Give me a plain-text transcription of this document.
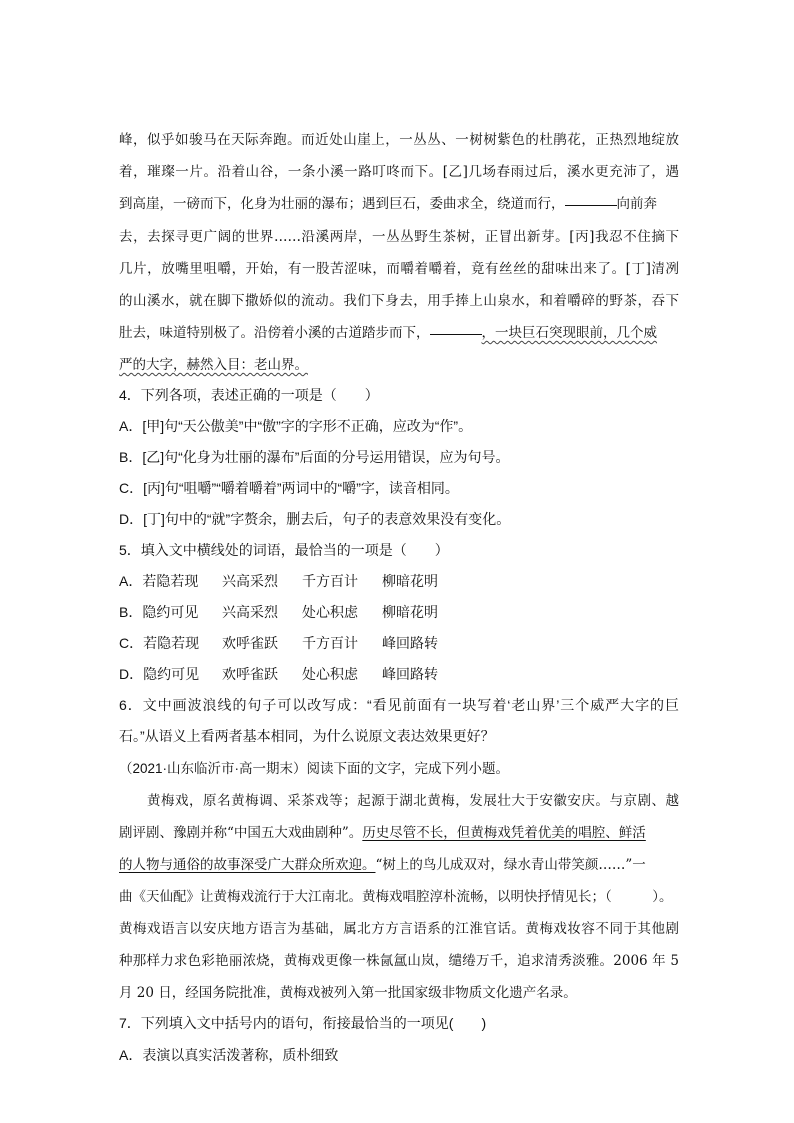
峰，似乎如骏马在天际奔跑。而近处山崖上，一丛丛、一树树紫色的杜鹃花，正热烈地绽放
着，璀璨一片。沿着山谷，一条小溪一路叮咚而下。[乙]几场春雨过后，溪水更充沛了，遇
到高崖，一磅而下，化身为壮丽的瀑布；遇到巨石，委曲求全，绕道而行，	向前奔
去，去探寻更广阔的世界……沿溪两岸，一丛丛野生茶树，正冒出新芽。[丙]我忍不住摘下
几片，放嘴里咀嚼，开始，有一股苦涩味，而嚼着嚼着，竟有丝丝的甜味出来了。[丁]清冽
的山溪水，就在脚下撒娇似的流动。我们下身去，用手捧上山泉水，和着嚼碎的野茶，吞下
肚去，味道特别极了。沿傍着小溪的古道踏步而下，	，一块巨石突现眼前，几个威
严的大字，赫然入目：老山界。
4．下列各项，表述正确的一项是（　　）
A．[甲]句“天公傲美”中“傲”字的字形不正确，应改为“作”。
B．[乙]句“化身为壮丽的瀑布”后面的分号运用错误，应为句号。
C．[丙]句“咀嚼”“嚼着嚼着”两词中的“嚼”字，读音相同。
D．[丁]句中的“就”字赘余，删去后，句子的表意效果没有变化。
5．填入文中横线处的词语，最恰当的一项是（　　）
A．若隐若现 兴高采烈 千方百计 柳暗花明
B．隐约可见 兴高采烈 处心积虑 柳暗花明
C．若隐若现 欢呼雀跃 千方百计 峰回路转
D．隐约可见 欢呼雀跃 处心积虑 峰回路转
6．文中画波浪线的句子可以改写成：“看见前面有一块写着‘老山界’三个威严大字的巨
石。”从语义上看两者基本相同，为什么说原文表达效果更好？
（2021·山东临沂市·高一期末）阅读下面的文字，完成下列小题。
黄梅戏，原名黄梅调、采茶戏等；起源于湖北黄梅，发展壮大于安徽安庆。与京剧、越
剧评剧、豫剧并称“中国五大戏曲剧种”。历史尽管不长，但黄梅戏凭着优美的唱腔、鲜活
的人物与通俗的故事深受广大群众所欢迎。“树上的鸟儿成双对，绿水青山带笑颜……”一
曲《天仙配》让黄梅戏流行于大江南北。黄梅戏唱腔淳朴流畅，以明快抒情见长；（　　　）。
黄梅戏语言以安庆地方语言为基础，属北方方言语系的江淮官话。黄梅戏妆容不同于其他剧
种那样力求色彩艳丽浓烧，黄梅戏更像一株氤氲山岚，缱绻万千，追求清秀淡雅。2006 年 5
月 20 日，经国务院批准，黄梅戏被列入第一批国家级非物质文化遗产名录。
7．下列填入文中括号内的语句，衔接最恰当的一项见(　　)
A．表演以真实活泼著称，质朴细致
